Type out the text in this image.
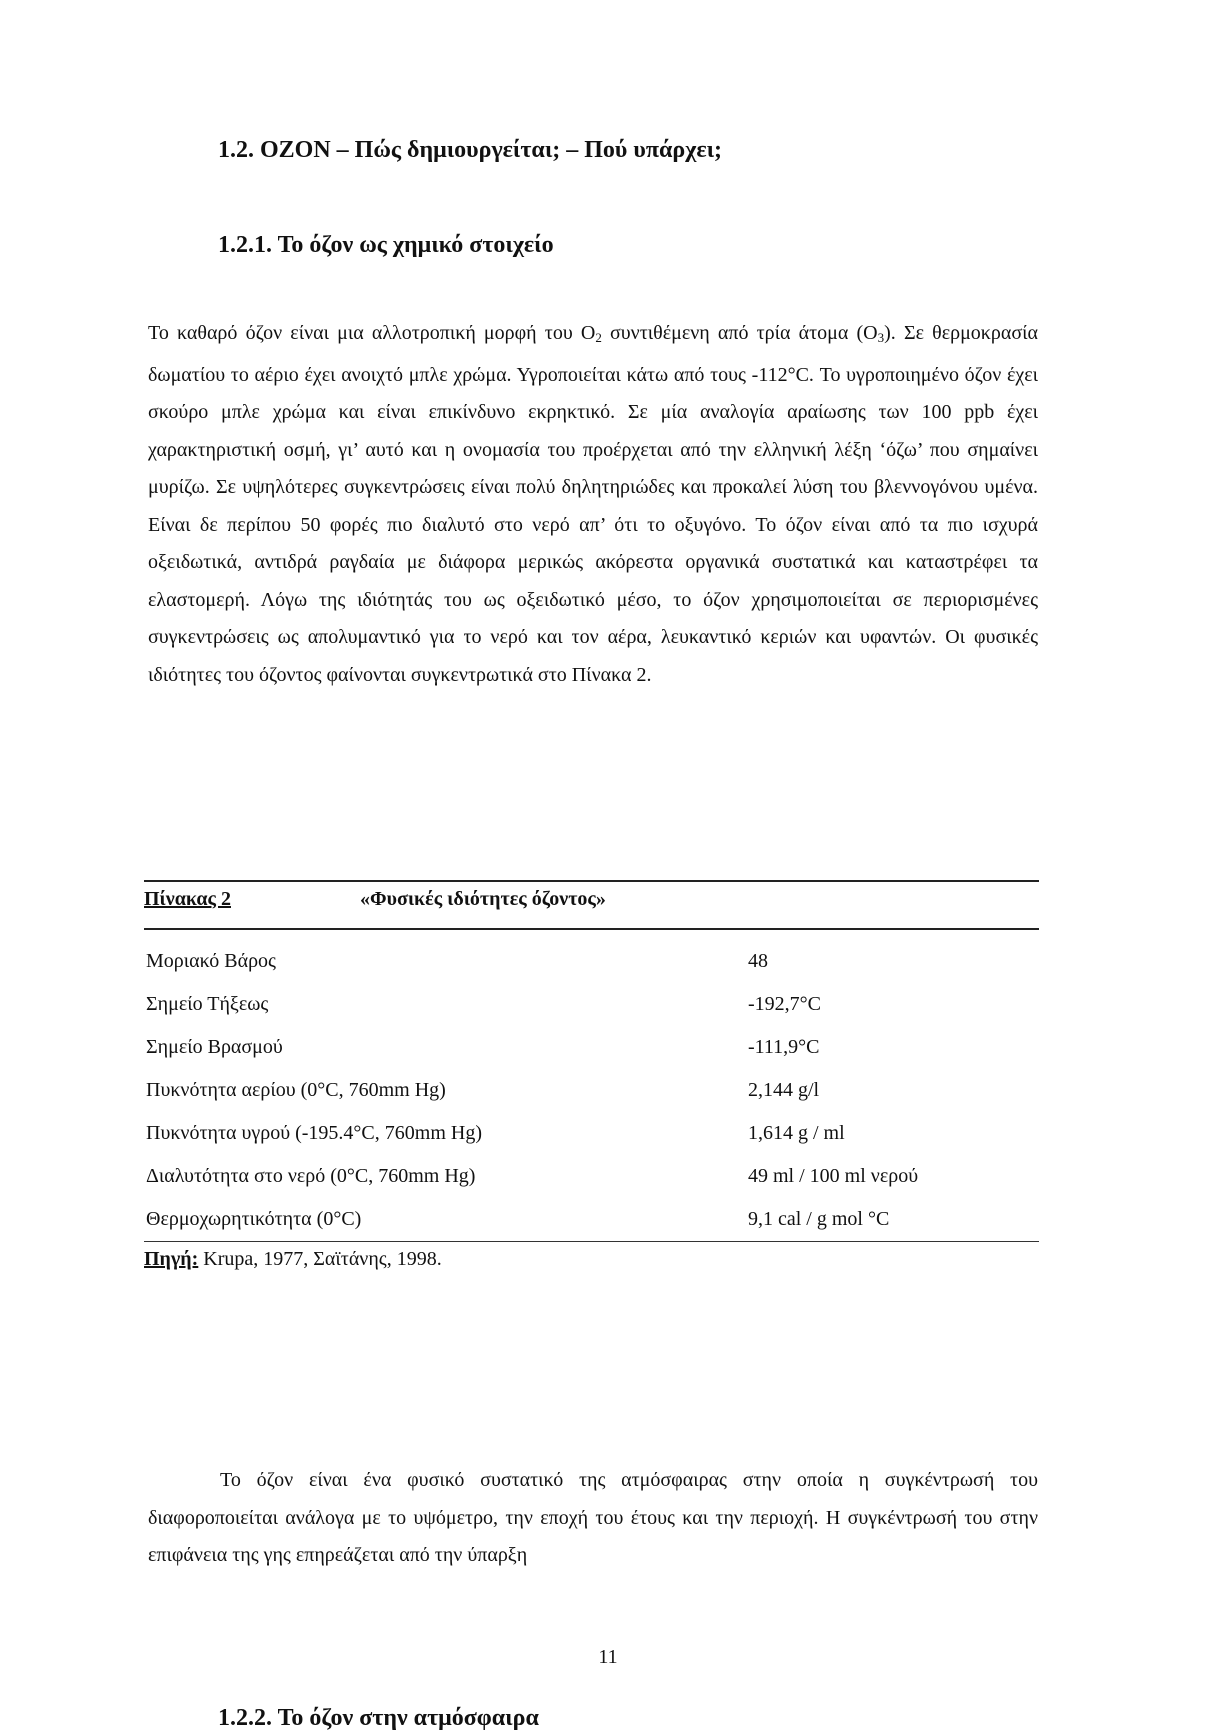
1.2. ΟΖΟΝ – Πώς δημιουργείται; – Πού υπάρχει;
1.2.1. Το όζον ως χημικό στοιχείο

Το καθαρό όζον είναι μια αλλοτροπική μορφή του $O_2$ συντιθέμενη από τρία άτομα $(O_3)$. Σε θερμοκρασία δωματίου το αέριο έχει ανοιχτό μπλε χρώμα. Υγροποιείται κάτω από τους -112°C. Το υγροποιημένο όζον έχει σκούρο μπλε χρώμα και είναι επικίνδυνο εκρηκτικό. Σε μία αναλογία αραίωσης των 100 ppb έχει χαρακτηριστική οσμή, γι’ αυτό και η ονομασία του προέρχεται από την ελληνική λέξη ‘όζω’ που σημαίνει μυρίζω. Σε υψηλότερες συγκεντρώσεις είναι πολύ δηλητηριώδες και προκαλεί λύση του βλεννογόνου υμένα. Είναι δε περίπου 50 φορές πιο διαλυτό στο νερό απ’ ότι το οξυγόνο. Το όζον είναι από τα πιο ισχυρά οξειδωτικά, αντιδρά ραγδαία με διάφορα μερικώς ακόρεστα οργανικά συστατικά και καταστρέφει τα ελαστομερή. Λόγω της ιδιότητάς του ως οξειδωτικό μέσο, το όζον χρησιμοποιείται σε περιορισμένες συγκεντρώσεις ως απολυμαντικό για το νερό και τον αέρα, λευκαντικό κεριών και υφαντών. Οι φυσικές ιδιότητες του όζοντος φαίνονται συγκεντρωτικά στο Πίνακα 2.

Πίνακας 2	«Φυσικές ιδιότητες όζοντος»
Μοριακό Βάρος	48
Σημείο Τήξεως	-192,7°C
Σημείο Βρασμού	-111,9°C
Πυκνότητα αερίου (0°C, 760mm Hg)	2,144 g/l
Πυκνότητα υγρού (-195.4°C, 760mm Hg)	1,614 g / ml
Διαλυτότητα στο νερό (0°C, 760mm Hg)	49 ml / 100 ml νερού
Θερμοχωρητικότητα (0°C)	9,1 cal / g mol °C
Πηγή: Krupa, 1977, Σαϊτάνης, 1998.
1.2.2. Το όζον στην ατμόσφαιρα

Το όζον είναι ένα φυσικό συστατικό της ατμόσφαιρας στην οποία η συγκέντρωσή του διαφοροποιείται ανάλογα με το υψόμετρο, την εποχή του έτους και την περιοχή. Η συγκέντρωσή του στην επιφάνεια της γης επηρεάζεται από την ύπαρξη

11
